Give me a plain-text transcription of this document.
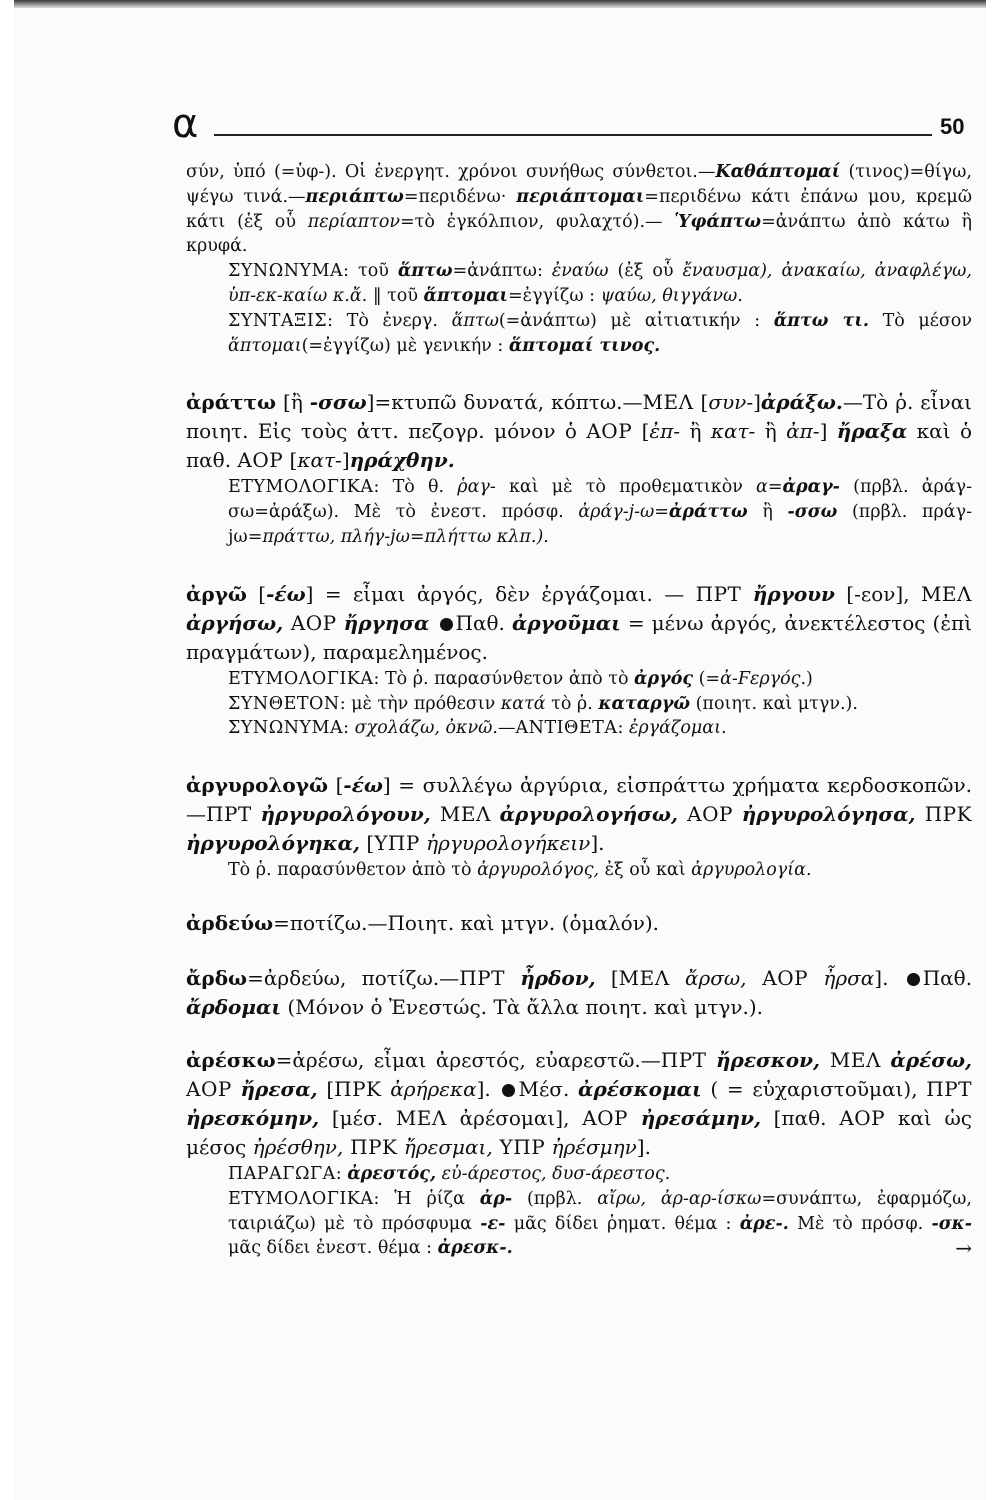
α	50

σύν, ὑπό (=ὑφ-). Οἱ ἐνεργητ. χρόνοι συνήθως σύνθετοι.—Καθάπτομαί (τινος)=θίγω, ψέγω τινά.—περιάπτω=περιδένω· περιάπτομαι=περιδένω κάτι ἐπάνω μου, κρεμῶ κάτι (ἐξ οὗ περίαπτον=τὸ ἐγκόλπιον, φυλαχτό).— Ὑφάπτω=ἀνάπτω ἀπὸ κάτω ἢ κρυφά.

ΣΥΝΩΝΥΜΑ: τοῦ ἅπτω=ἀνάπτω: ἐναύω (ἐξ οὗ ἔναυσμα), ἀνακαίω, ἀναφλέγω, ὑπ-εκ-καίω κ.ἄ. ‖ τοῦ ἅπτομαι=ἐγγίζω : ψαύω, θιγγάνω.

ΣΥΝΤΑΞΙΣ: Τὸ ἐνεργ. ἅπτω(=ἀνάπτω) μὲ αἰτιατικήν : ἅπτω τι. Τὸ μέσον ἅπτομαι(=ἐγγίζω) μὲ γενικήν : ἅπτομαί τινος.

ἀράττω [ἢ -σσω]=κτυπῶ δυνατά, κόπτω.—ΜΕΛ [συν-]ἀράξω.—Τὸ ῥ. εἶναι ποιητ. Εἰς τοὺς ἀττ. πεζογρ. μόνον ὁ ΑΟΡ [ἐπ- ἢ κατ- ἢ ἀπ-] ἤραξα καὶ ὁ παθ. ΑΟΡ [κατ-]ηράχθην.

ΕΤΥΜΟΛΟΓΙΚΑ: Τὸ θ. ῥαγ- καὶ μὲ τὸ προθεματικὸν α=ἀραγ- (πρβλ. ἀράγ-σω=ἀράξω). Μὲ τὸ ἐνεστ. πρόσφ. ἀράγ-j-ω=ἀράττω ἢ -σσω (πρβλ. πράγ-jω=πράττω, πλήγ-jω=πλήττω κλπ.).

ἀργῶ [-έω] = εἶμαι ἀργός, δὲν ἐργάζομαι. — ΠΡΤ ἤργουν [-εον], ΜΕΛ ἀργήσω, ΑΟΡ ἤργησα Παθ. ἀργοῦμαι = μένω ἀργός, ἀνεκτέλεστος (ἐπὶ πραγμάτων), παραμελημένος.

ΕΤΥΜΟΛΟΓΙΚΑ: Τὸ ῥ. παρασύνθετον ἀπὸ τὸ ἀργός (=ἀ-Ϝεργός.)

ΣΥΝΘΕΤΟΝ: μὲ τὴν πρόθεσιν κατά τὸ ῥ. καταργῶ (ποιητ. καὶ μτγν.).

ΣΥΝΩΝΥΜΑ: σχολάζω, ὀκνῶ.—ΑΝΤΙΘΕΤΑ: ἐργάζομαι.

ἀργυρολογῶ [-έω] = συλλέγω ἀργύρια, εἰσπράττω χρήματα κερδοσκοπῶν.—ΠΡΤ ἠργυρολόγουν, ΜΕΛ ἀργυρολογήσω, ΑΟΡ ἠργυρολόγησα, ΠΡΚ ἠργυρολόγηκα, [ΥΠΡ ἠργυρολογήκειν].

Τὸ ῥ. παρασύνθετον ἀπὸ τὸ ἀργυρολόγος, ἐξ οὗ καὶ ἀργυρολογία.

ἀρδεύω=ποτίζω.—Ποιητ. καὶ μτγν. (ὁμαλόν).

ἄρδω=ἀρδεύω, ποτίζω.—ΠΡΤ ἦρδον, [ΜΕΛ ἄρσω, ΑΟΡ ἦρσα]. Παθ. ἄρδομαι (Μόνον ὁ Ἐνεστώς. Τὰ ἄλλα ποιητ. καὶ μτγν.).

ἀρέσκω=ἀρέσω, εἶμαι ἀρεστός, εὐαρεστῶ.—ΠΡΤ ἤρεσκον, ΜΕΛ ἀρέσω, ΑΟΡ ἤρεσα, [ΠΡΚ ἀρήρεκα]. Μέσ. ἀρέσκομαι ( = εὐχαριστοῦμαι), ΠΡΤ ἠρεσκόμην, [μέσ. ΜΕΛ ἀρέσομαι], ΑΟΡ ἠρεσάμην, [παθ. ΑΟΡ καὶ ὡς μέσος ἠρέσθην, ΠΡΚ ἤρεσμαι, ΥΠΡ ἠρέσμην].

ΠΑΡΑΓΩΓΑ: ἀρεστός, εὐ-άρεστος, δυσ-άρεστος.

ΕΤΥΜΟΛΟΓΙΚΑ: Ἡ ῥίζα ἀρ- (πρβλ. αἴρω, ἀρ-αρ-ίσκω=συνάπτω, ἐφαρμόζω, ταιριάζω) μὲ τὸ πρόσφυμα -ε- μᾶς δίδει ῥηματ. θέμα : ἀρε-. Μὲ τὸ πρόσφ. -σκ- μᾶς δίδει ἐνεστ. θέμα : ἀρεσκ-.	→
